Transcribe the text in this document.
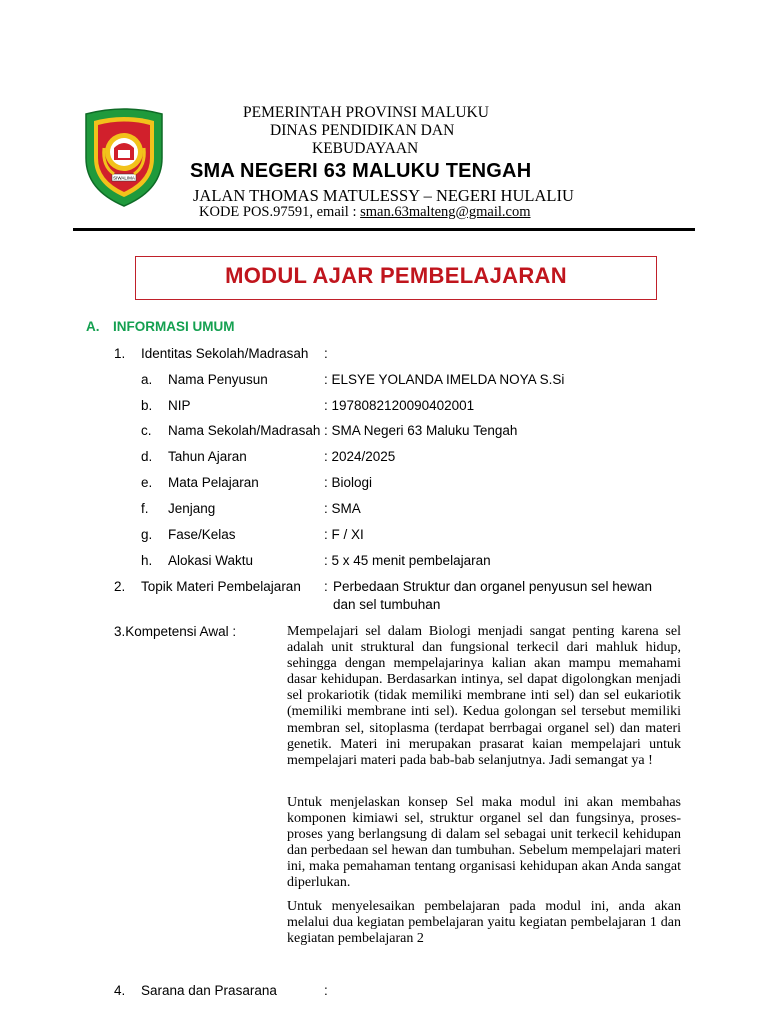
SIWALIMA
PEMERINTAH PROVINSI MALUKU
DINAS PENDIDIKAN DAN
KEBUDAYAAN
SMA NEGERI 63 MALUKU TENGAH
JALAN THOMAS MATULESSY – NEGERI HULALIU
KODE POS.97591, email : sman.63malteng@gmail.com
MODUL AJAR PEMBELAJARAN
A. INFORMASI UMUM
1. Identitas Sekolah/Madrasah :
a. Nama Penyusun	: ELSYE YOLANDA IMELDA NOYA S.Si
b. NIP	: 1978082120090402001
c. Nama Sekolah/Madrasah : SMA Negeri 63 Maluku Tengah
d. Tahun Ajaran	: 2024/2025
e. Mata Pelajaran	: Biologi
f. Jenjang	: SMA
g. Fase/Kelas	: F / XI
h. Alokasi Waktu	: 5 x 45 menit pembelajaran
2. Topik Materi Pembelajaran : Perbedaan Struktur dan organel penyusun sel hewan
dan sel tumbuhan
3.Kompetensi Awal :	Mempelajari sel dalam Biologi menjadi sangat penting karena sel adalah unit struktural dan fungsional terkecil dari mahluk hidup, sehingga dengan mempelajarinya kalian akan mampu memahami dasar kehidupan. Berdasarkan intinya, sel dapat digolongkan menjadi sel prokariotik (tidak memiliki membrane inti sel) dan sel eukariotik (memiliki membrane inti sel). Kedua golongan sel tersebut memiliki membran sel, sitoplasma (terdapat berrbagai organel sel) dan materi genetik. Materi ini merupakan prasarat kaian mempelajari untuk mempelajari materi pada bab-bab selanjutnya. Jadi semangat ya !
Untuk menjelaskan konsep Sel maka modul ini akan membahas komponen kimiawi sel, struktur organel sel dan fungsinya, proses-proses yang berlangsung di dalam sel sebagai unit terkecil kehidupan dan perbedaan sel hewan dan tumbuhan. Sebelum mempelajari materi ini, maka pemahaman tentang organisasi kehidupan akan Anda sangat diperlukan.
Untuk menyelesaikan pembelajaran pada modul ini, anda akan melalui dua kegiatan pembelajaran yaitu kegiatan pembelajaran 1 dan kegiatan pembelajaran 2
4. Sarana dan Prasarana	:
